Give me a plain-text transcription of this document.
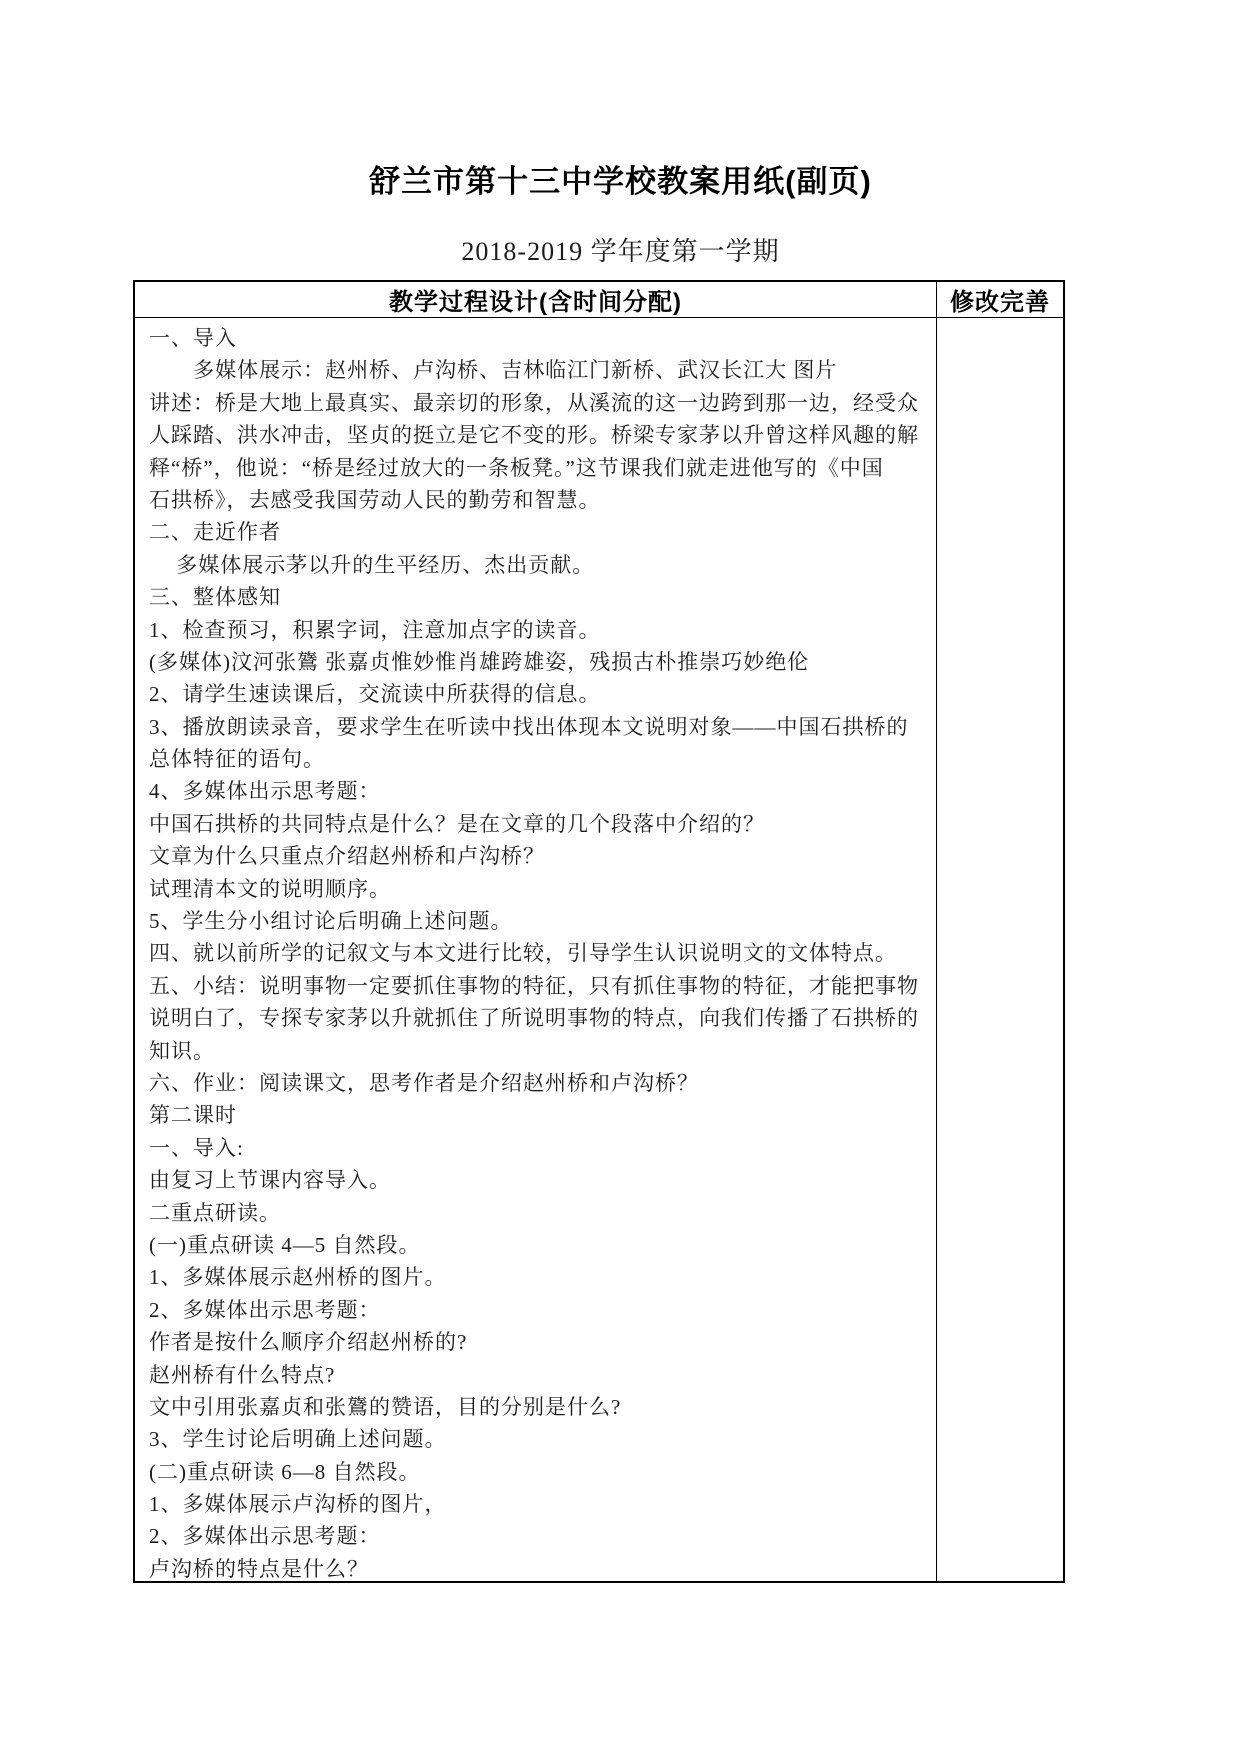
舒兰市第十三中学校教案用纸(副页)
2018-2019 学年度第一学期
教学过程设计(含时间分配)	修改完善
一、导入
多媒体展示：赵州桥、卢沟桥、吉林临江门新桥、武汉长江大 图片
讲述：桥是大地上最真实、最亲切的形象，从溪流的这一边跨到那一边，经受众
人踩踏、洪水冲击，坚贞的挺立是它不变的形。桥梁专家茅以升曾这样风趣的解
释“桥”，他说：“桥是经过放大的一条板凳。”这节课我们就走进他写的《中国
石拱桥》，去感受我国劳动人民的勤劳和智慧。
二、走近作者
多媒体展示茅以升的生平经历、杰出贡献。
三、整体感知
1、检查预习，积累字词，注意加点字的读音。
(多媒体)汶河张鷟 张嘉贞惟妙惟肖雄跨雄姿，残损古朴推崇巧妙绝伦
2、请学生速读课后，交流读中所获得的信息。
3、播放朗读录音，要求学生在听读中找出体现本文说明对象——中国石拱桥的
总体特征的语句。
4、多媒体出示思考题：
中国石拱桥的共同特点是什么？是在文章的几个段落中介绍的？
文章为什么只重点介绍赵州桥和卢沟桥？
试理清本文的说明顺序。
5、学生分小组讨论后明确上述问题。
四、就以前所学的记叙文与本文进行比较，引导学生认识说明文的文体特点。
五、小结：说明事物一定要抓住事物的特征，只有抓住事物的特征，才能把事物
说明白了，专探专家茅以升就抓住了所说明事物的特点，向我们传播了石拱桥的
知识。
六、作业：阅读课文，思考作者是介绍赵州桥和卢沟桥？
第二课时
一、导入:
由复习上节课内容导入。
二重点研读。
(一)重点研读 4—5 自然段。
1、多媒体展示赵州桥的图片。
2、多媒体出示思考题：
作者是按什么顺序介绍赵州桥的?
赵州桥有什么特点?
文中引用张嘉贞和张鷟的赞语，目的分别是什么?
3、学生讨论后明确上述问题。
(二)重点研读 6—8 自然段。
1、多媒体展示卢沟桥的图片，
2、多媒体出示思考题：
卢沟桥的特点是什么？
